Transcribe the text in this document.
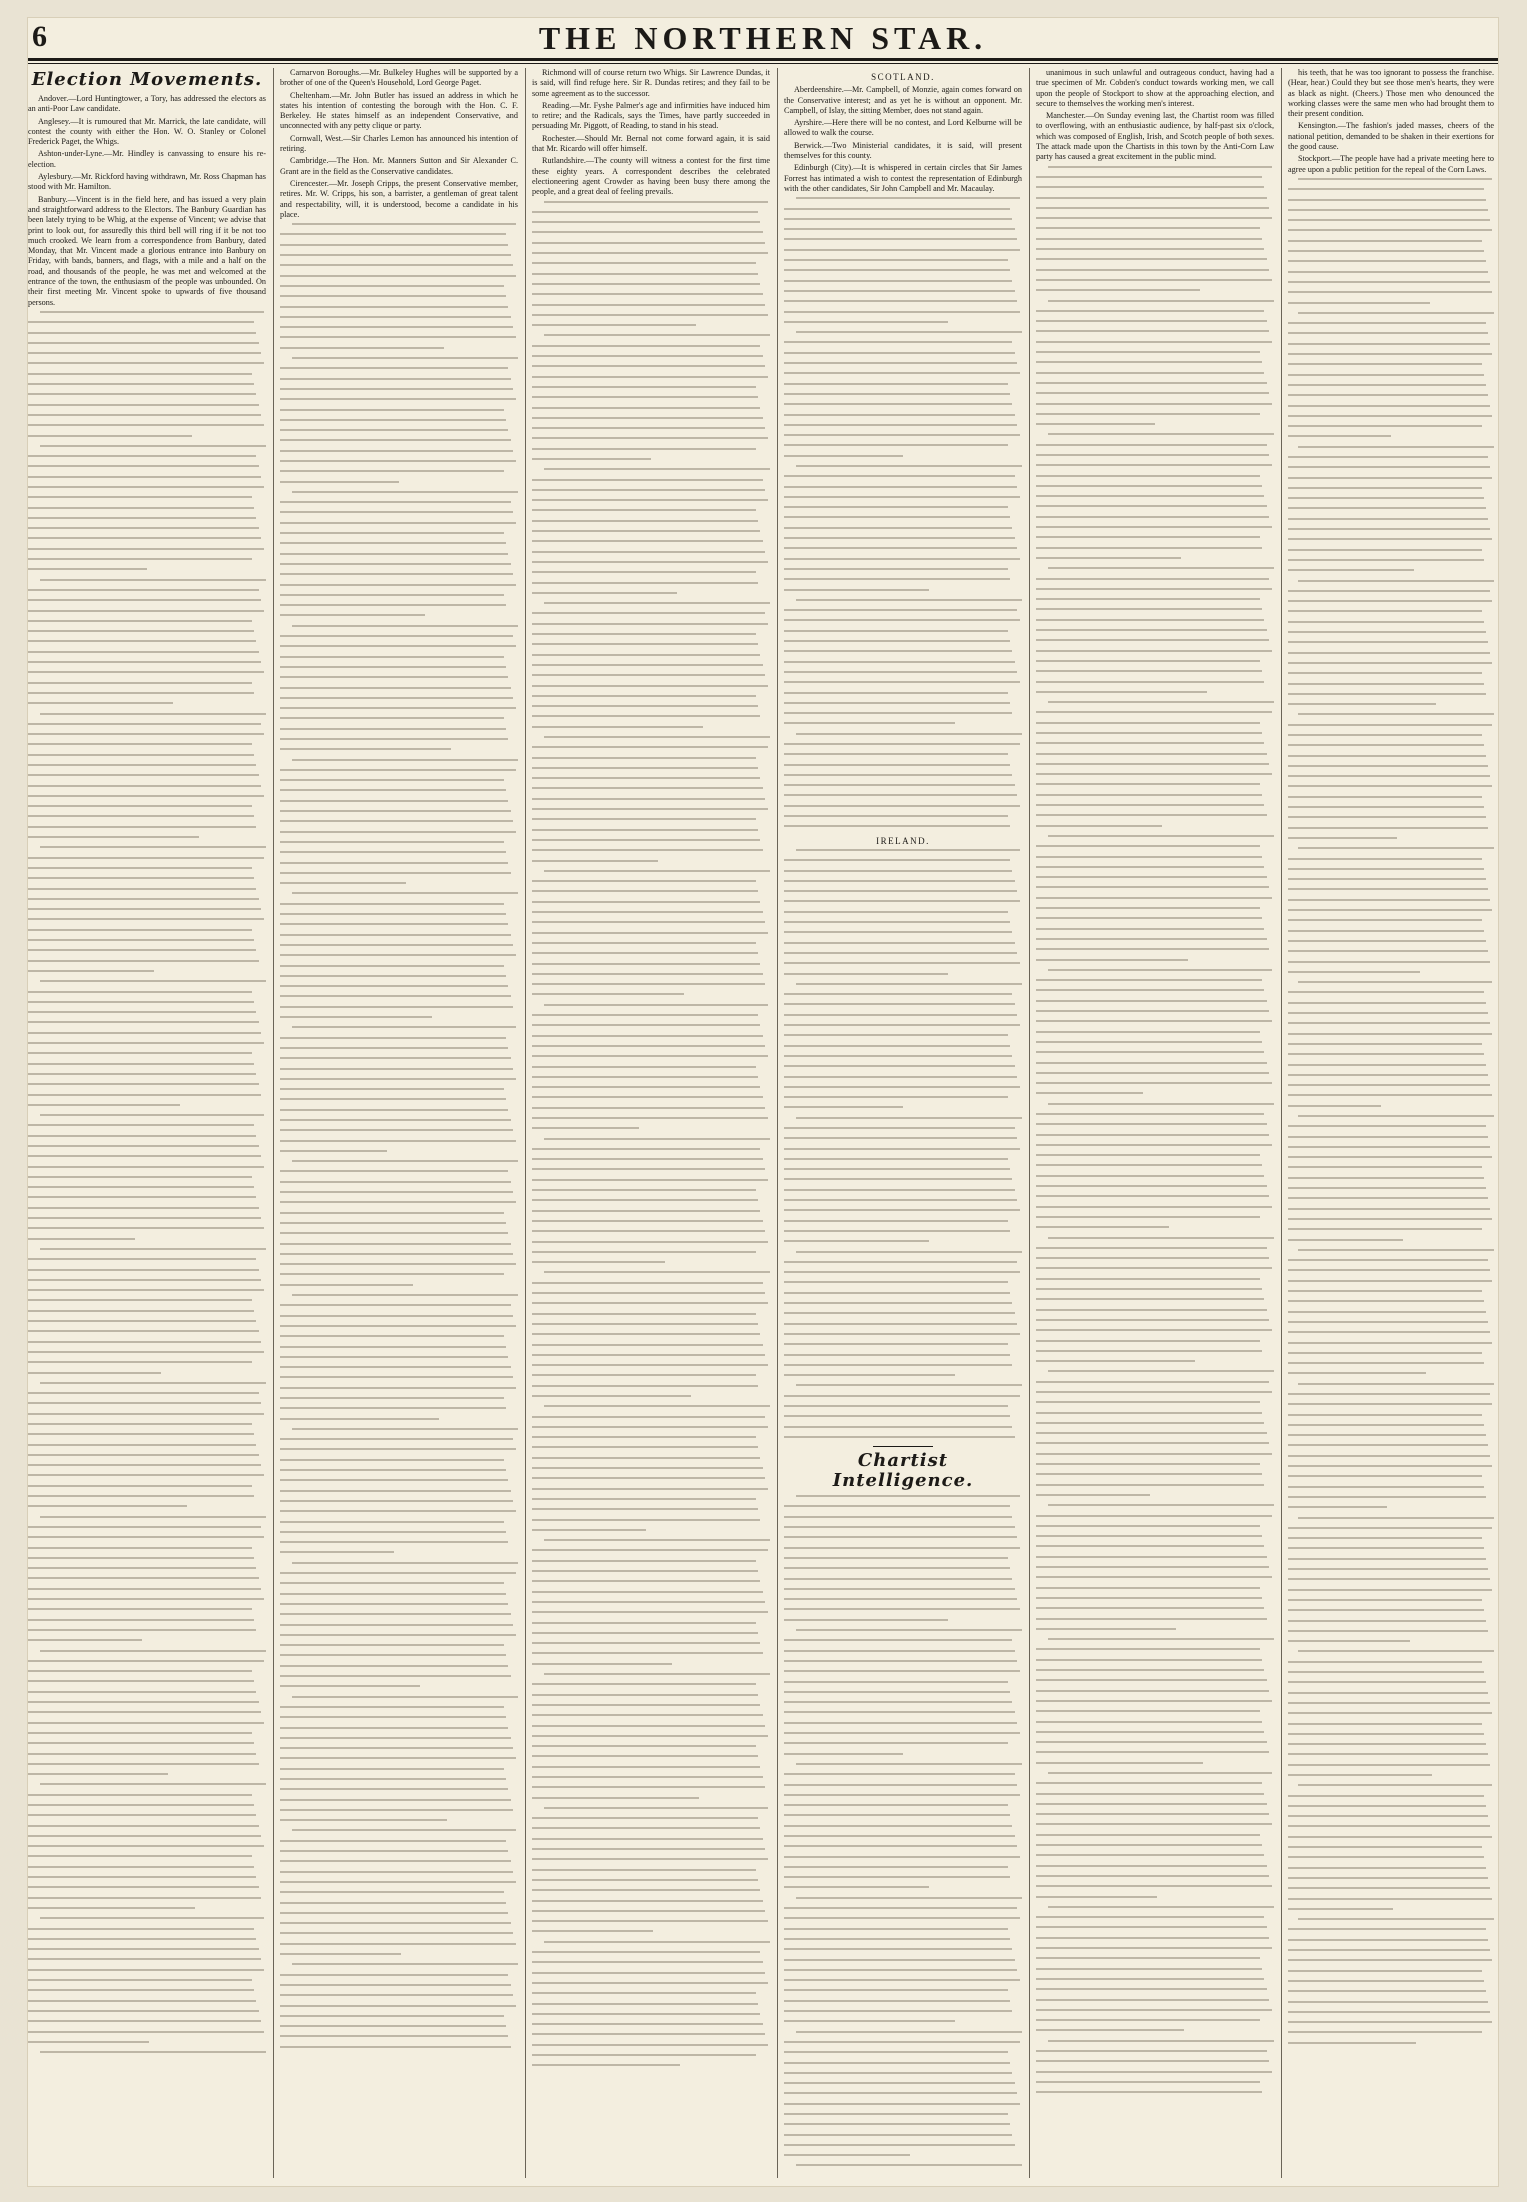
6	THE NORTHERN STAR.
Election Movements.

Andover.—Lord Huntingtower, a Tory, has addressed the electors as an anti-Poor Law candidate.

Anglesey.—It is rumoured that Mr. Marrick, the late candidate, will contest the county with either the Hon. W. O. Stanley or Colonel Frederick Paget, the Whigs.

Ashton-under-Lyne.—Mr. Hindley is canvassing to ensure his re-election.

Aylesbury.—Mr. Rickford having withdrawn, Mr. Ross Chapman has stood with Mr. Hamilton.

Banbury.—Vincent is in the field here, and has issued a very plain and straightforward address to the Electors. The Banbury Guardian has been lately trying to be Whig, at the expense of Vincent; we advise that print to look out, for assuredly this third bell will ring if it be not too much crooked. We learn from a correspondence from Banbury, dated Monday, that Mr. Vincent made a glorious entrance into Banbury on Friday, with bands, banners, and flags, with a mile and a half on the road, and thousands of the people, he was met and welcomed at the entrance of the town, the enthusiasm of the people was unbounded. On their first meeting Mr. Vincent spoke to upwards of five thousand persons.

Carnarvon Boroughs.—Mr. Bulkeley Hughes will be supported by a brother of one of the Queen's Household, Lord George Paget.

Cheltenham.—Mr. John Butler has issued an address in which he states his intention of contesting the borough with the Hon. C. F. Berkeley. He states himself as an independent Conservative, and unconnected with any petty clique or party.

Cornwall, West.—Sir Charles Lemon has announced his intention of retiring.

Cambridge.—The Hon. Mr. Manners Sutton and Sir Alexander C. Grant are in the field as the Conservative candidates.

Cirencester.—Mr. Joseph Cripps, the present Conservative member, retires. Mr. W. Cripps, his son, a barrister, a gentleman of great talent and respectability, will, it is understood, become a candidate in his place.

Richmond will of course return two Whigs. Sir Lawrence Dundas, it is said, will find refuge here. Sir R. Dundas retires; and they fail to be some agreement as to the successor.

Reading.—Mr. Fyshe Palmer's age and infirmities have induced him to retire; and the Radicals, says the Times, have partly succeeded in persuading Mr. Piggott, of Reading, to stand in his stead.

Rochester.—Should Mr. Bernal not come forward again, it is said that Mr. Ricardo will offer himself.

Rutlandshire.—The county will witness a contest for the first time these eighty years. A correspondent describes the celebrated electioneering agent Crowder as having been busy there among the people, and a great deal of feeling prevails.

SCOTLAND.

Aberdeenshire.—Mr. Campbell, of Monzie, again comes forward on the Conservative interest; and as yet he is without an opponent. Mr. Campbell, of Islay, the sitting Member, does not stand again.

Ayrshire.—Here there will be no contest, and Lord Kelburne will be allowed to walk the course.

Berwick.—Two Ministerial candidates, it is said, will present themselves for this county.

Edinburgh (City).—It is whispered in certain circles that Sir James Forrest has intimated a wish to contest the representation of Edinburgh with the other candidates, Sir John Campbell and Mr. Macaulay.

IRELAND.
Chartist Intelligence.

unanimous in such unlawful and outrageous conduct, having had a true specimen of Mr. Cobden's conduct towards working men, we call upon the people of Stockport to show at the approaching election, and secure to themselves the working men's interest.

Manchester.—On Sunday evening last, the Chartist room was filled to overflowing, with an enthusiastic audience, by half-past six o'clock, which was composed of English, Irish, and Scotch people of both sexes. The attack made upon the Chartists in this town by the Anti-Corn Law party has caused a great excitement in the public mind.

his teeth, that he was too ignorant to possess the franchise. (Hear, hear.) Could they but see those men's hearts, they were as black as night. (Cheers.) Those men who denounced the working classes were the same men who had brought them to their present condition.

Kensington.—The fashion's jaded masses, cheers of the national petition, demanded to be shaken in their exertions for the good cause.

Stockport.—The people have had a private meeting here to agree upon a public petition for the repeal of the Corn Laws.
